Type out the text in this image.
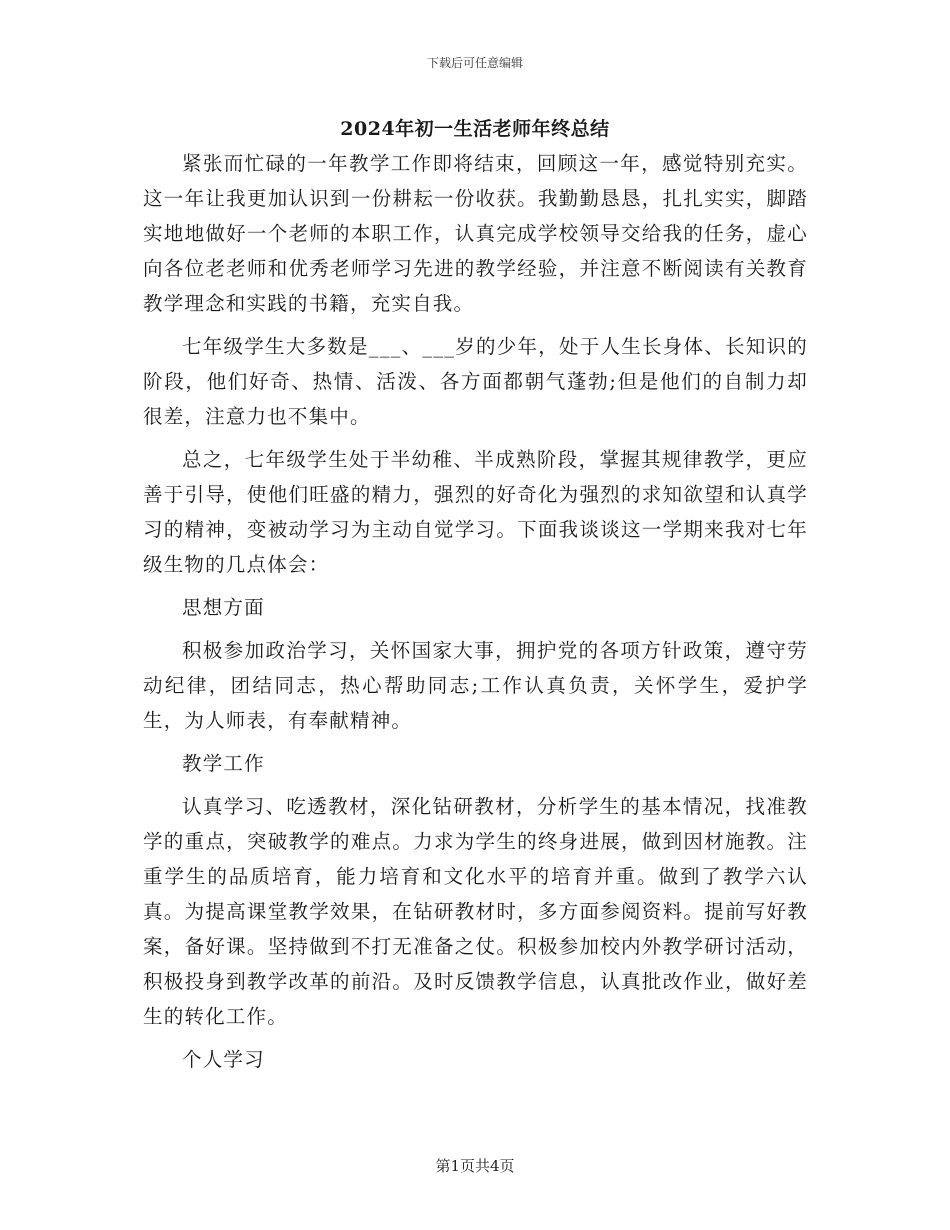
下载后可任意编辑
2024年初一生活老师年终总结

紧张而忙碌的一年教学工作即将结束，回顾这一年，感觉特别充实。这一年让我更加认识到一份耕耘一份收获。我勤勤恳恳，扎扎实实，脚踏实地地做好一个老师的本职工作，认真完成学校领导交给我的任务，虚心向各位老老师和优秀老师学习先进的教学经验，并注意不断阅读有关教育教学理念和实践的书籍，充实自我。

七年级学生大多数是___、___岁的少年，处于人生长身体、长知识的阶段，他们好奇、热情、活泼、各方面都朝气蓬勃;但是他们的自制力却很差，注意力也不集中。

总之，七年级学生处于半幼稚、半成熟阶段，掌握其规律教学，更应善于引导，使他们旺盛的精力，强烈的好奇化为强烈的求知欲望和认真学习的精神，变被动学习为主动自觉学习。下面我谈谈这一学期来我对七年级生物的几点体会：

思想方面

积极参加政治学习，关怀国家大事，拥护党的各项方针政策，遵守劳动纪律，团结同志，热心帮助同志;工作认真负责，关怀学生，爱护学生，为人师表，有奉献精神。

教学工作

认真学习、吃透教材，深化钻研教材，分析学生的基本情况，找准教学的重点，突破教学的难点。力求为学生的终身进展，做到因材施教。注重学生的品质培育，能力培育和文化水平的培育并重。做到了教学六认真。为提高课堂教学效果，在钻研教材时，多方面参阅资料。提前写好教案，备好课。坚持做到不打无准备之仗。积极参加校内外教学研讨活动，积极投身到教学改革的前沿。及时反馈教学信息，认真批改作业，做好差生的转化工作。

个人学习

第1页共4页
